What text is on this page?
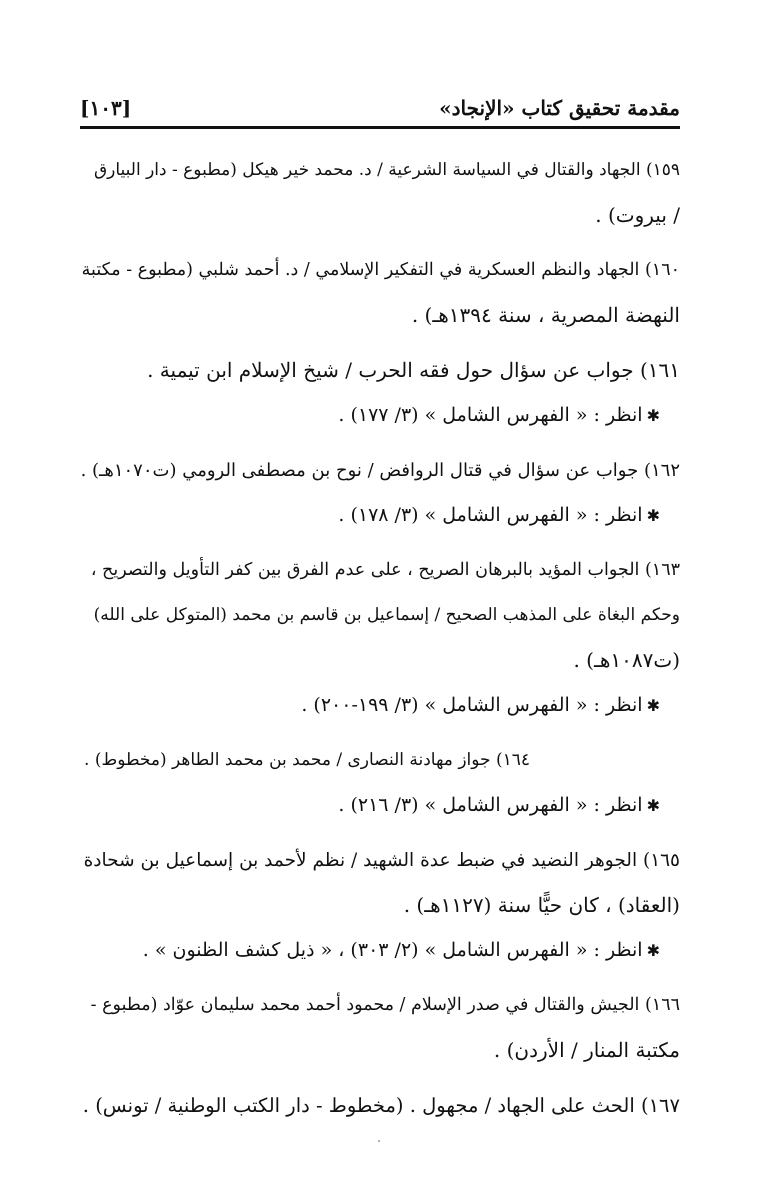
مقدمة تحقيق كتاب «الإنجاد»
[١٠٣]
١٥٩) الجهاد والقتال في السياسة الشرعية / د. محمد خير هيكل (مطبوع - دار البيارق
/ بيروت) .
١٦٠) الجهاد والنظم العسكرية في التفكير الإسلامي / د. أحمد شلبي (مطبوع - مكتبة
النهضة المصرية ، سنة ١٣٩٤هـ) .
١٦١) جواب عن سؤال حول فقه الحرب / شيخ الإسلام ابن تيمية .
✱انظر : « الفهرس الشامل » (٣/ ١٧٧) .
١٦٢) جواب عن سؤال في قتال الروافض / نوح بن مصطفى الرومي (ت١٠٧٠هـ) .
✱انظر : « الفهرس الشامل » (٣/ ١٧٨) .
١٦٣) الجواب المؤيد بالبرهان الصريح ، على عدم الفرق بين كفر التأويل والتصريح ،
وحكم البغاة على المذهب الصحيح / إسماعيل بن قاسم بن محمد (المتوكل على الله)
(ت١٠٨٧هـ) .
✱انظر : « الفهرس الشامل » (٣/ ١٩٩-٢٠٠) .
١٦٤) جواز مهادنة النصارى / محمد بن محمد الطاهر (مخطوط) .
✱انظر : « الفهرس الشامل » (٣/ ٢١٦) .
١٦٥) الجوهر النضيد في ضبط عدة الشهيد / نظم لأحمد بن إسماعيل بن شحادة
(العقاد) ، كان حيًّا سنة (١١٢٧هـ) .
✱انظر : « الفهرس الشامل » (٢/ ٣٠٣) ، « ذيل كشف الظنون » .
١٦٦) الجيش والقتال في صدر الإسلام / محمود أحمد محمد سليمان عوّاد (مطبوع -
مكتبة المنار / الأردن) .
١٦٧) الحث على الجهاد / مجهول . (مخطوط - دار الكتب الوطنية / تونس) .
